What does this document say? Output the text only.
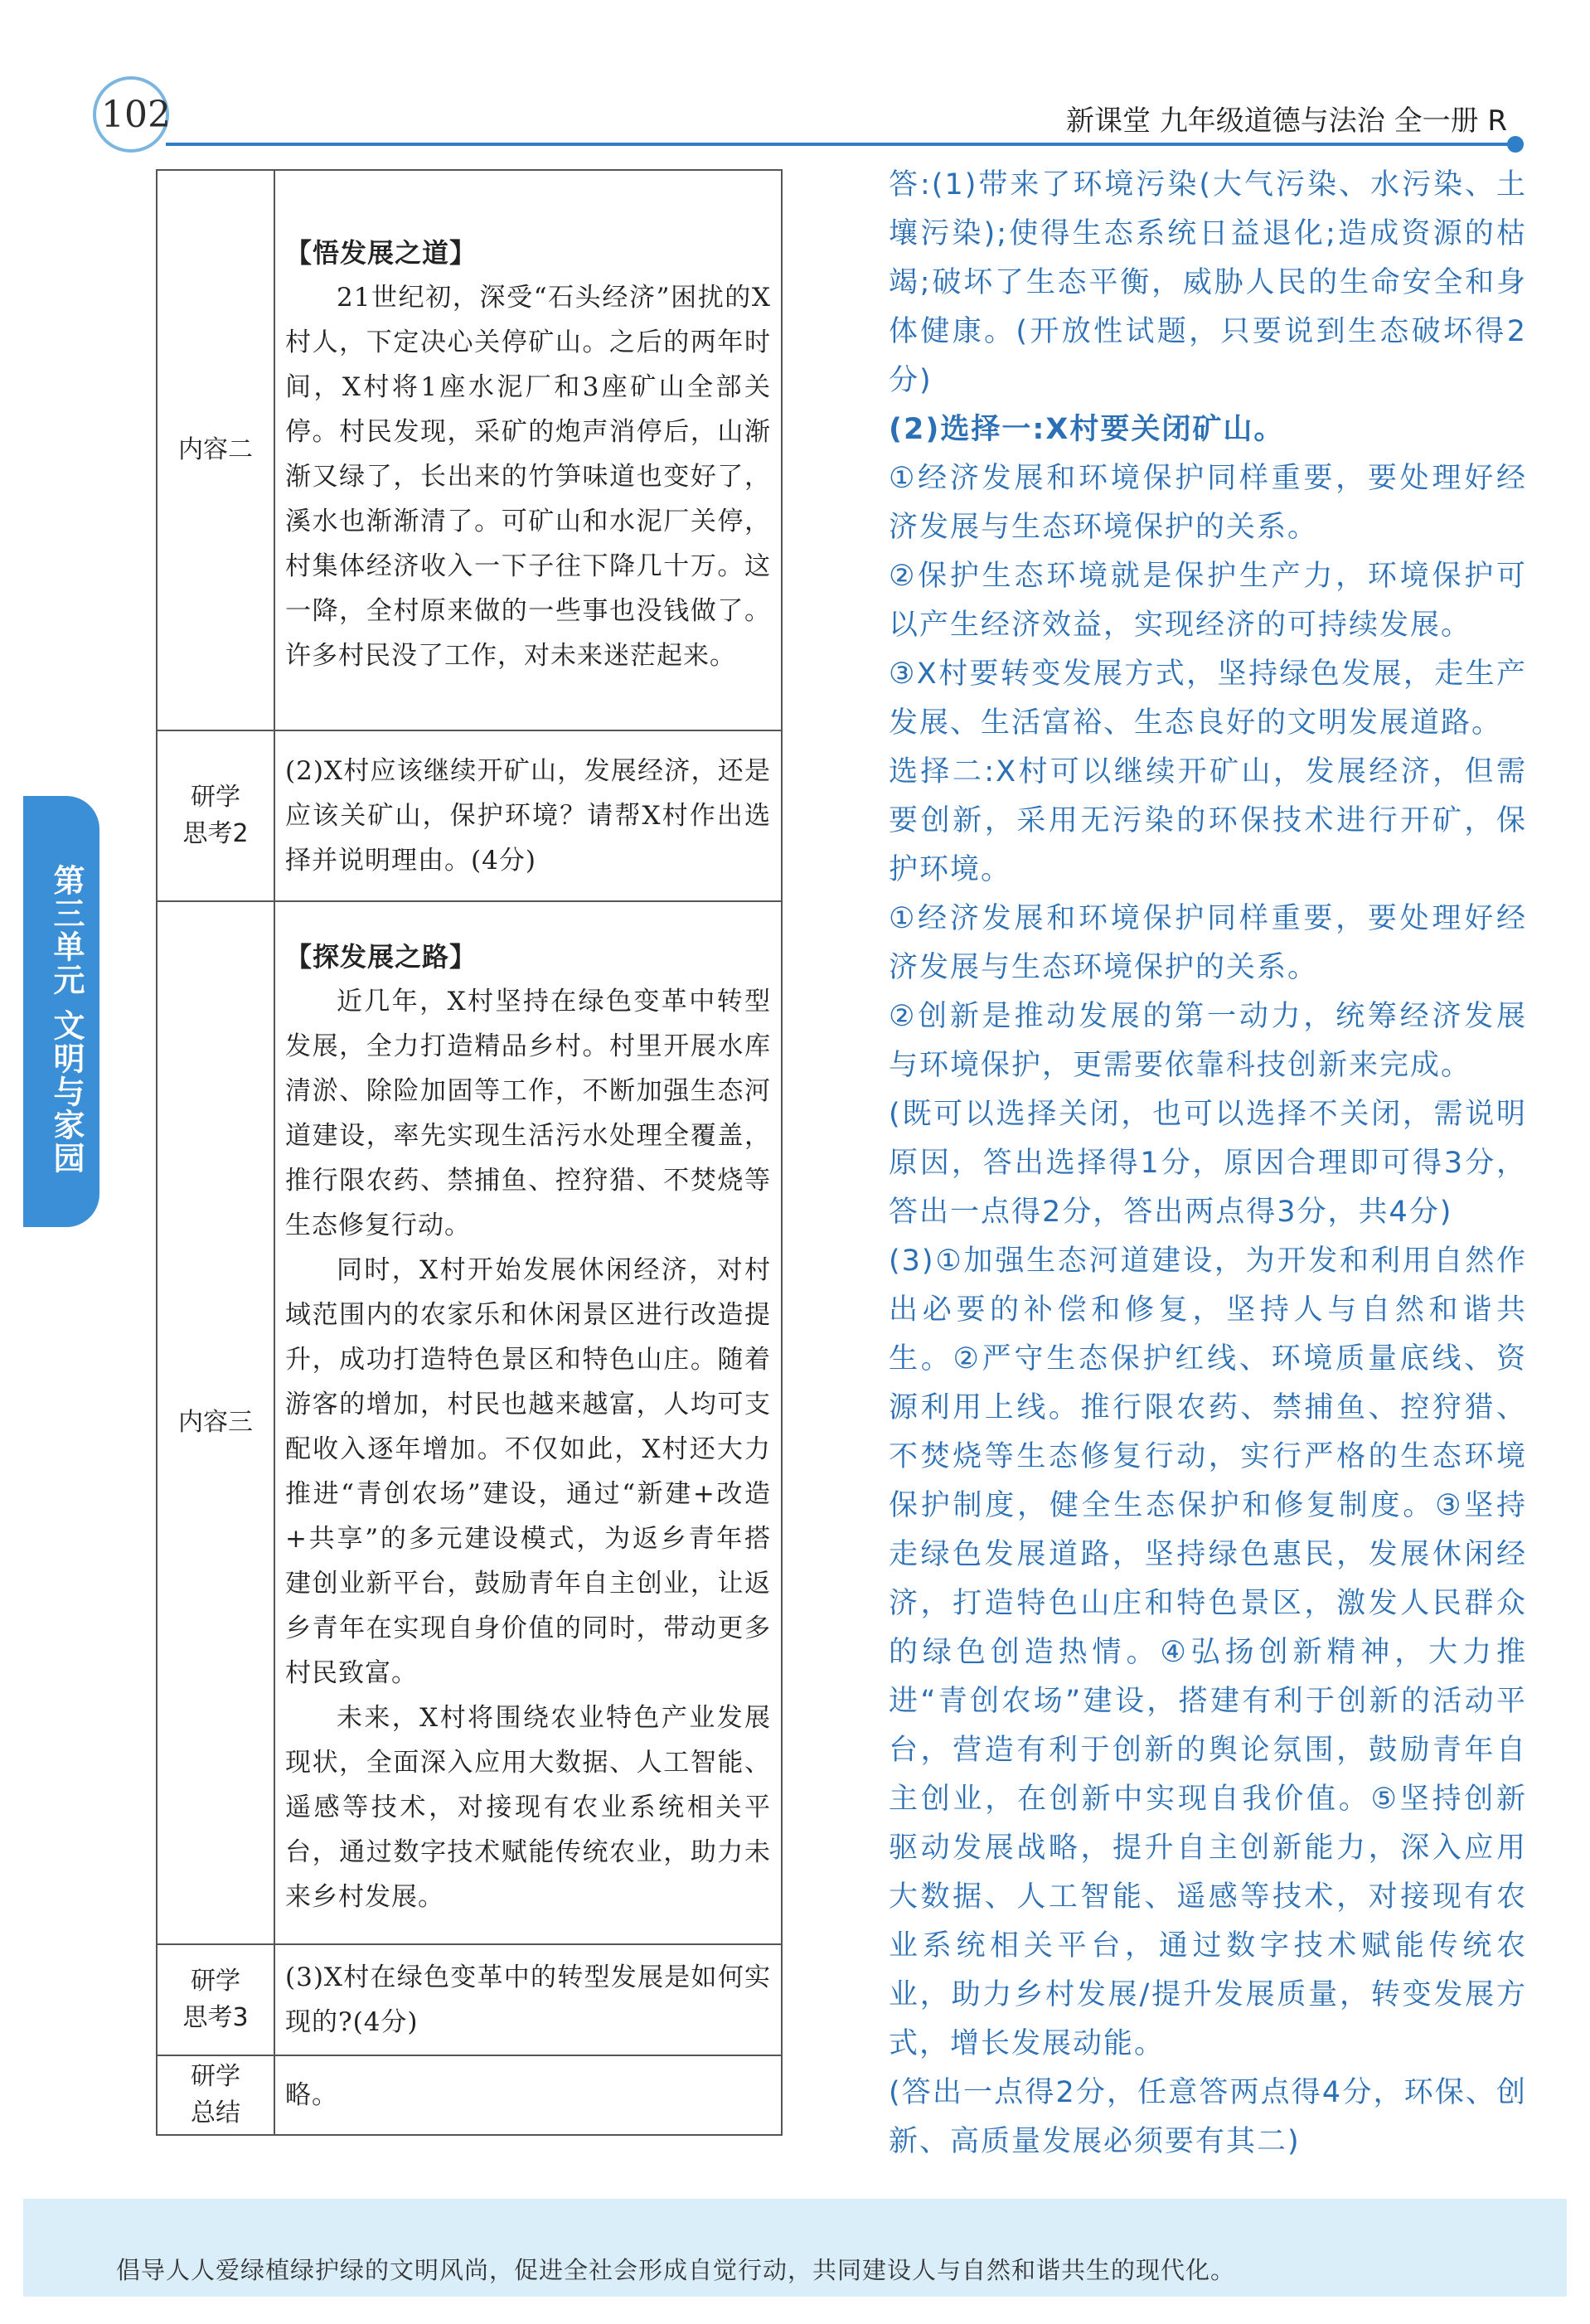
102	新课堂 九年级道德与法治 全一册 R
第三单元 文明与家园
内容二	【悟发展之道】

21世纪初，深受“石头经济”困扰的X村人，下定决心关停矿山。之后的两年时间，X村将1座水泥厂和3座矿山全部关停。村民发现，采矿的炮声消停后，山渐渐又绿了，长出来的竹笋味道也变好了，溪水也渐渐清了。可矿山和水泥厂关停，村集体经济收入一下子往下降几十万。这一降，全村原来做的一些事也没钱做了。许多村民没了工作，对未来迷茫起来。

研学
思考2	(2)X村应该继续开矿山，发展经济，还是应该关矿山，保护环境？请帮X村作出选择并说明理由。(4分)

内容三	【探发展之路】

近几年，X村坚持在绿色变革中转型发展，全力打造精品乡村。村里开展水库清淤、除险加固等工作，不断加强生态河道建设，率先实现生活污水处理全覆盖，推行限农药、禁捕鱼、控狩猎、不焚烧等生态修复行动。

同时，X村开始发展休闲经济，对村域范围内的农家乐和休闲景区进行改造提升，成功打造特色景区和特色山庄。随着游客的增加，村民也越来越富，人均可支配收入逐年增加。不仅如此，X村还大力推进“青创农场”建设，通过“新建+改造+共享”的多元建设模式，为返乡青年搭建创业新平台，鼓励青年自主创业，让返乡青年在实现自身价值的同时，带动更多村民致富。

未来，X村将围绕农业特色产业发展现状，全面深入应用大数据、人工智能、遥感等技术，对接现有农业系统相关平台，通过数字技术赋能传统农业，助力未来乡村发展。

研学
思考3	(3)X村在绿色变革中的转型发展是如何实现的?(4分)

研学
总结	略。

答:(1)带来了环境污染(大气污染、水污染、土壤污染);使得生态系统日益退化;造成资源的枯竭;破坏了生态平衡，威胁人民的生命安全和身体健康。(开放性试题，只要说到生态破坏得2分)

(2)选择一:X村要关闭矿山。

①经济发展和环境保护同样重要，要处理好经济发展与生态环境保护的关系。

②保护生态环境就是保护生产力，环境保护可以产生经济效益，实现经济的可持续发展。

③X村要转变发展方式，坚持绿色发展，走生产发展、生活富裕、生态良好的文明发展道路。

选择二:X村可以继续开矿山，发展经济，但需要创新，采用无污染的环保技术进行开矿，保护环境。

①经济发展和环境保护同样重要，要处理好经济发展与生态环境保护的关系。

②创新是推动发展的第一动力，统筹经济发展与环境保护，更需要依靠科技创新来完成。

(既可以选择关闭，也可以选择不关闭，需说明原因，答出选择得1分，原因合理即可得3分，答出一点得2分，答出两点得3分，共4分)

(3)①加强生态河道建设，为开发和利用自然作出必要的补偿和修复，坚持人与自然和谐共生。②严守生态保护红线、环境质量底线、资源利用上线。推行限农药、禁捕鱼、控狩猎、不焚烧等生态修复行动，实行严格的生态环境保护制度，健全生态保护和修复制度。③坚持走绿色发展道路，坚持绿色惠民，发展休闲经济，打造特色山庄和特色景区，激发人民群众的绿色创造热情。④弘扬创新精神，大力推进“青创农场”建设，搭建有利于创新的活动平台，营造有利于创新的舆论氛围，鼓励青年自主创业，在创新中实现自我价值。⑤坚持创新驱动发展战略，提升自主创新能力，深入应用大数据、人工智能、遥感等技术，对接现有农业系统相关平台，通过数字技术赋能传统农业，助力乡村发展/提升发展质量，转变发展方式，增长发展动能。

(答出一点得2分，任意答两点得4分，环保、创新、高质量发展必须要有其二)

倡导人人爱绿植绿护绿的文明风尚，促进全社会形成自觉行动，共同建设人与自然和谐共生的现代化。
